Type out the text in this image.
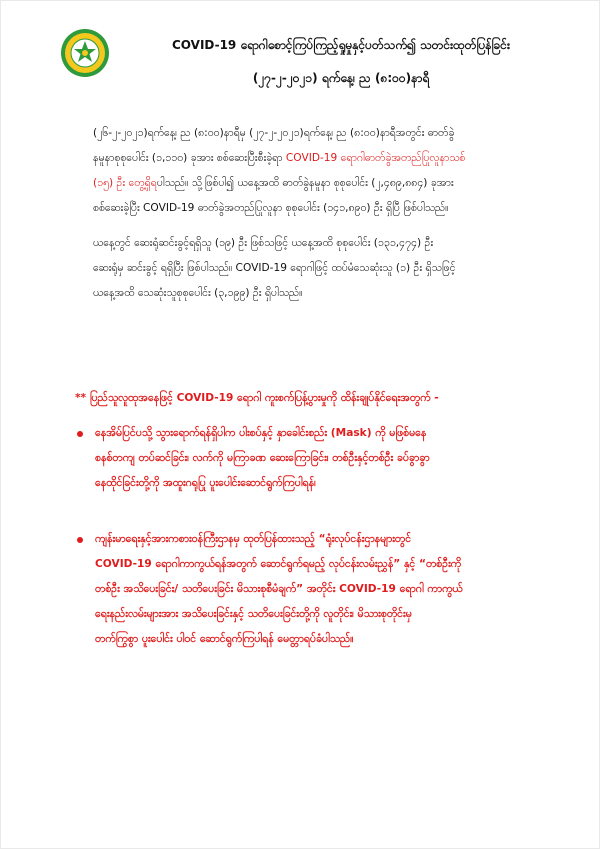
COVID-19 ရောဂါစောင့်ကြပ်ကြည့်ရှုမှုနှင့်ပတ်သက်၍ သတင်းထုတ်ပြန်ခြင်း
(၂၇-၂-၂၀၂၁) ရက်နေ့၊ ည (၈:၀၀)နာရီ
(၂၆-၂-၂၀၂၁)ရက်နေ့၊ ည (၈:၀၀)နာရီမှ (၂၇-၂-၂၀၂၁)ရက်နေ့၊ ည (၈:၀၀)နာရီအတွင်း ဓာတ်ခွဲ
နမူနာစုစုပေါင်း (၁,၁၁၀) ခုအား စစ်ဆေးပြီးစီးခဲ့ရာ COVID-19 ရောဂါဓာတ်ခွဲအတည်ပြုလူနာသစ်
(၁၅) ဦး တွေ့ရှိရပါသည်။ သို့ဖြစ်ပါ၍ ယနေ့အထိ ဓာတ်ခွဲနမူနာ စုစုပေါင်း (၂,၄၈၉,၈၈၄) ခုအား
စစ်ဆေးခဲ့ပြီး COVID-19 ဓာတ်ခွဲအတည်ပြုလူနာ စုစုပေါင်း (၁၄၁,၈၉၀) ဦး ရှိပြီ ဖြစ်ပါသည်။
ယနေ့တွင် ဆေးရုံဆင်းခွင့်ရရှိသူ (၁၉) ဦး ဖြစ်သဖြင့် ယနေ့အထိ စုစုပေါင်း (၁၃၁,၄၇၄) ဦး
ဆေးရုံမှ ဆင်းခွင့် ရရှိပြီး ဖြစ်ပါသည်။ COVID-19 ရောဂါဖြင့် ထပ်မံသေဆုံးသူ (၁) ဦး ရှိသဖြင့်
ယနေ့အထိ သေဆုံးသူစုစုပေါင်း (၃,၁၉၉) ဦး ရှိပါသည်။
** ပြည်သူလူထုအနေဖြင့် COVID-19 ရောဂါ ကူးစက်ပြန့်ပွားမှုကို ထိန်းချုပ်နိုင်ရေးအတွက် -
နေအိမ်ပြင်ပသို့ သွားရောက်ရန်ရှိပါက ပါးစပ်နှင့် နှာခေါင်းစည်း (Mask) ကို မဖြစ်မနေ
စနစ်တကျ တပ်ဆင်ခြင်း၊ လက်ကို မကြာခဏ ဆေးကြောခြင်း၊ တစ်ဦးနှင့်တစ်ဦး ခပ်ခွာခွာ
နေထိုင်ခြင်းတို့ကို အထူးဂရုပြု ပူးပေါင်းဆောင်ရွက်ကြပါရန်၊
ကျန်းမာရေးနှင့်အားကစားဝန်ကြီးဌာနမှ ထုတ်ပြန်ထားသည့် “ရုံးလုပ်ငန်းဌာနများတွင်
COVID-19 ရောဂါကာကွယ်ရန်အတွက် ဆောင်ရွက်ရမည့် လုပ်ငန်းလမ်းညွှန်” နှင့် “တစ်ဦးကို
တစ်ဦး အသိပေးခြင်း/ သတိပေးခြင်း မိသားစုစီမံချက်” အတိုင်း COVID-19 ရောဂါ ကာကွယ်
ရေးနည်းလမ်းများအား အသိပေးခြင်းနှင့် သတိပေးခြင်းတို့ကို လူတိုင်း၊ မိသားစုတိုင်းမှ
တက်ကြွစွာ ပူးပေါင်း ပါဝင် ဆောင်ရွက်ကြပါရန် မေတ္တာရပ်ခံပါသည်။
